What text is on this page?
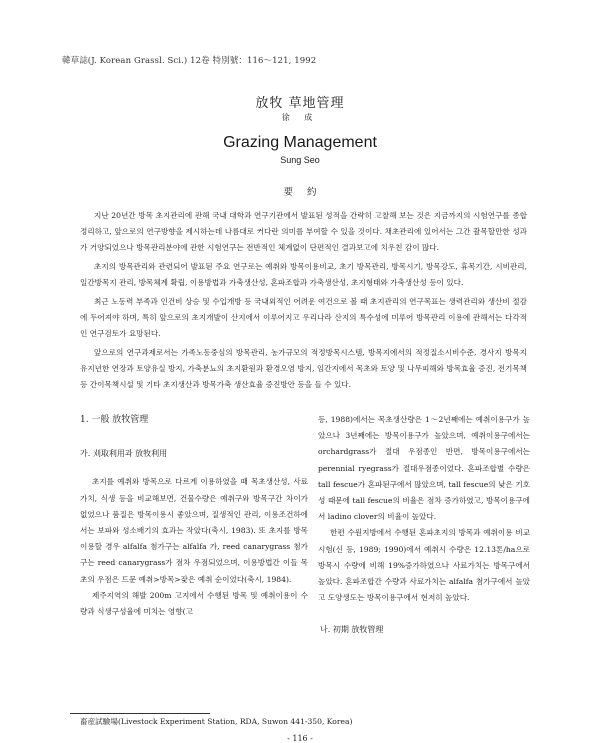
韓草誌(J. Korean Grassl. Sci.) 12卷 特別號：116～121, 1992
放牧 草地管理
徐 成
Grazing Management
Sung Seo
要約

지난 20년간 방목 초지관리에 관해 국내 대학과 연구기관에서 발표된 성적을 간략히 고찰해 보는 것은 지금까지의 시험연구를 종합정리하고, 앞으로의 연구방향을 제시하는데 나름대로 커다란 의미를 부여할 수 있을 것이다. 채초관리에 있어서는 그간 괄목할만한 성과가 거양되었으나 방목관리분야에 관한 시험연구는 전반적인 체계없이 단편적인 결과보고에 치우친 감이 많다.

초지의 방목관리와 관련되어 발표된 주요 연구로는 예취와 방목이용비교, 초기 방목관리, 방목시기, 방목강도, 휴목기간, 시비관리, 일간방목지 관리, 방목체계 확립, 이용방법과 가축생산성, 혼파조합과 가축생산성, 초지형태와 가축생산성 등이 있다.

최근 노동력 부족과 인건비 상승 및 수입개방 등 국내외적인 어려운 여건으로 볼 때 초지관리의 연구목표는 생력관리와 생산비 절감에 두어져야 하며, 특히 앞으로의 초지개발이 산지에서 이루어지고 우리나라 산지의 특수성에 미루어 방목관리 이용에 관해서는 다각적인 연구검토가 요망된다.

앞으로의 연구과제로서는 가족노동중심의 방목관리, 농가규모의 적정방목시스템, 방목지에서의 적정질소시비수준, 경사지 방목지 유지년한 연장과 토양유실 방지, 가축분뇨의 초지환원과 환경오염 방지, 임간지에서 목초와 토양 및 나무피해와 방목효율 증진, 전기목책 등 간이목책시설 및 기타 초지생산과 방목가축 생산효율 증진방안 등을 들 수 있다.

1. 一般 放牧管理
가. 刈取利用과 放牧利用

초지를 예취와 방목으로 다르게 이용하였을 때 목초생산성, 사료가치, 식생 등을 비교해보면, 건물수량은 예취구와 방목구간 차이가 없었으나 품질은 방목이용시 좋았으며, 질생적인 관리, 이용조건하에서는 보파와 성소배기의 효과는 작았다(축시, 1983). 또 초지를 방목이용할 경우 alfalfa 첨가구는 alfalfa 가, reed canarygrass 첨가구는 reed canarygrass가 점차 우점되었으며, 이용방법간 이들 목초의 우점은 드문 예취>방목>잦은 예취 순이었다(축시, 1984).

제주지역의 해발 200m 고지에서 수행된 방목 및 예취이용이 수량과 식생구성율에 미치는 영향(고

등, 1988)에서는 목초생산량은 1～2년째에는 예취이용구가 높았으나 3년째에는 방목이용구가 높았으며, 예취이용구에서는 orchardgrass가 절대 우점종인 반면, 방목이용구에서는 perennial ryegrass가 절대우점종이었다. 혼파조합별 수량은 tall fescue가 혼파된구에서 많았으며, tall fescue의 낮은 기호성 때문에 tall fescue의 비율은 점차 증가하였고, 방목이용구에서 ladino clover의 비율이 높았다.

한편 수원지방에서 수행된 혼파초지의 방목과 예취이용 비교시험(신 등, 1989; 1990)에서 예취시 수량은 12.13톤/ha으로 방목시 수량에 비해 19%증가하였으나 사료가치는 방목구에서 높았다. 혼파조합간 수량과 사료가치는 alfalfa 첨가구에서 높았고 도양생도는 방목이용구에서 현저히 높았다.

나. 初期 放牧管理
畜産試驗場(Livestock Experiment Station, RDA, Suwon 441-350, Korea)
- 116 -
